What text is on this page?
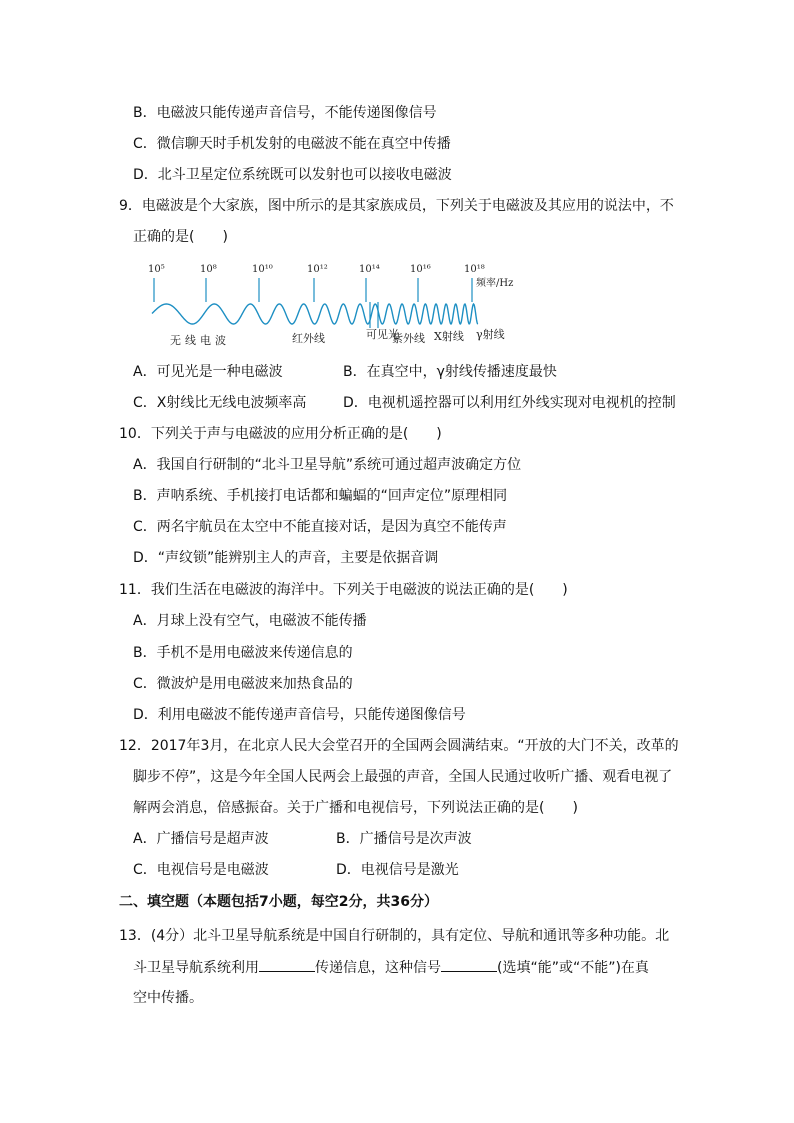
B．电磁波只能传递声音信号，不能传递图像信号
C．微信聊天时手机发射的电磁波不能在真空中传播
D．北斗卫星定位系统既可以发射也可以接收电磁波
9．电磁波是个大家族，图中所示的是其家族成员，下列关于电磁波及其应用的说法中，不
正确的是(　　)
10⁵	10⁸	10¹⁰	10¹²	10¹⁴	10¹⁶	10¹⁸
频率/Hz
无线电波	红外线	可见光
紫外线 X射线 γ射线
A．可见光是一种电磁波	B．在真空中，γ射线传播速度最快
C．X射线比无线电波频率高	D．电视机遥控器可以利用红外线实现对电视机的控制
10．下列关于声与电磁波的应用分析正确的是(　　)
A．我国自行研制的“北斗卫星导航”系统可通过超声波确定方位
B．声呐系统、手机接打电话都和蝙蝠的“回声定位”原理相同
C．两名宇航员在太空中不能直接对话，是因为真空不能传声
D．“声纹锁”能辨别主人的声音，主要是依据音调
11．我们生活在电磁波的海洋中。下列关于电磁波的说法正确的是(　　)
A．月球上没有空气，电磁波不能传播
B．手机不是用电磁波来传递信息的
C．微波炉是用电磁波来加热食品的
D．利用电磁波不能传递声音信号，只能传递图像信号
12．2017年3月，在北京人民大会堂召开的全国两会圆满结束。“开放的大门不关，改革的
脚步不停”，这是今年全国人民两会上最强的声音，全国人民通过收听广播、观看电视了
解两会消息，倍感振奋。关于广播和电视信号，下列说法正确的是(　　)
A．广播信号是超声波	B．广播信号是次声波
C．电视信号是电磁波	D．电视信号是激光
二、填空题（本题包括7小题，每空2分，共36分）
13．(4分）北斗卫星导航系统是中国自行研制的，具有定位、导航和通讯等多种功能。北
斗卫星导航系统利用	传递信息，这种信号	(选填“能”或“不能”)在真
空中传播。
